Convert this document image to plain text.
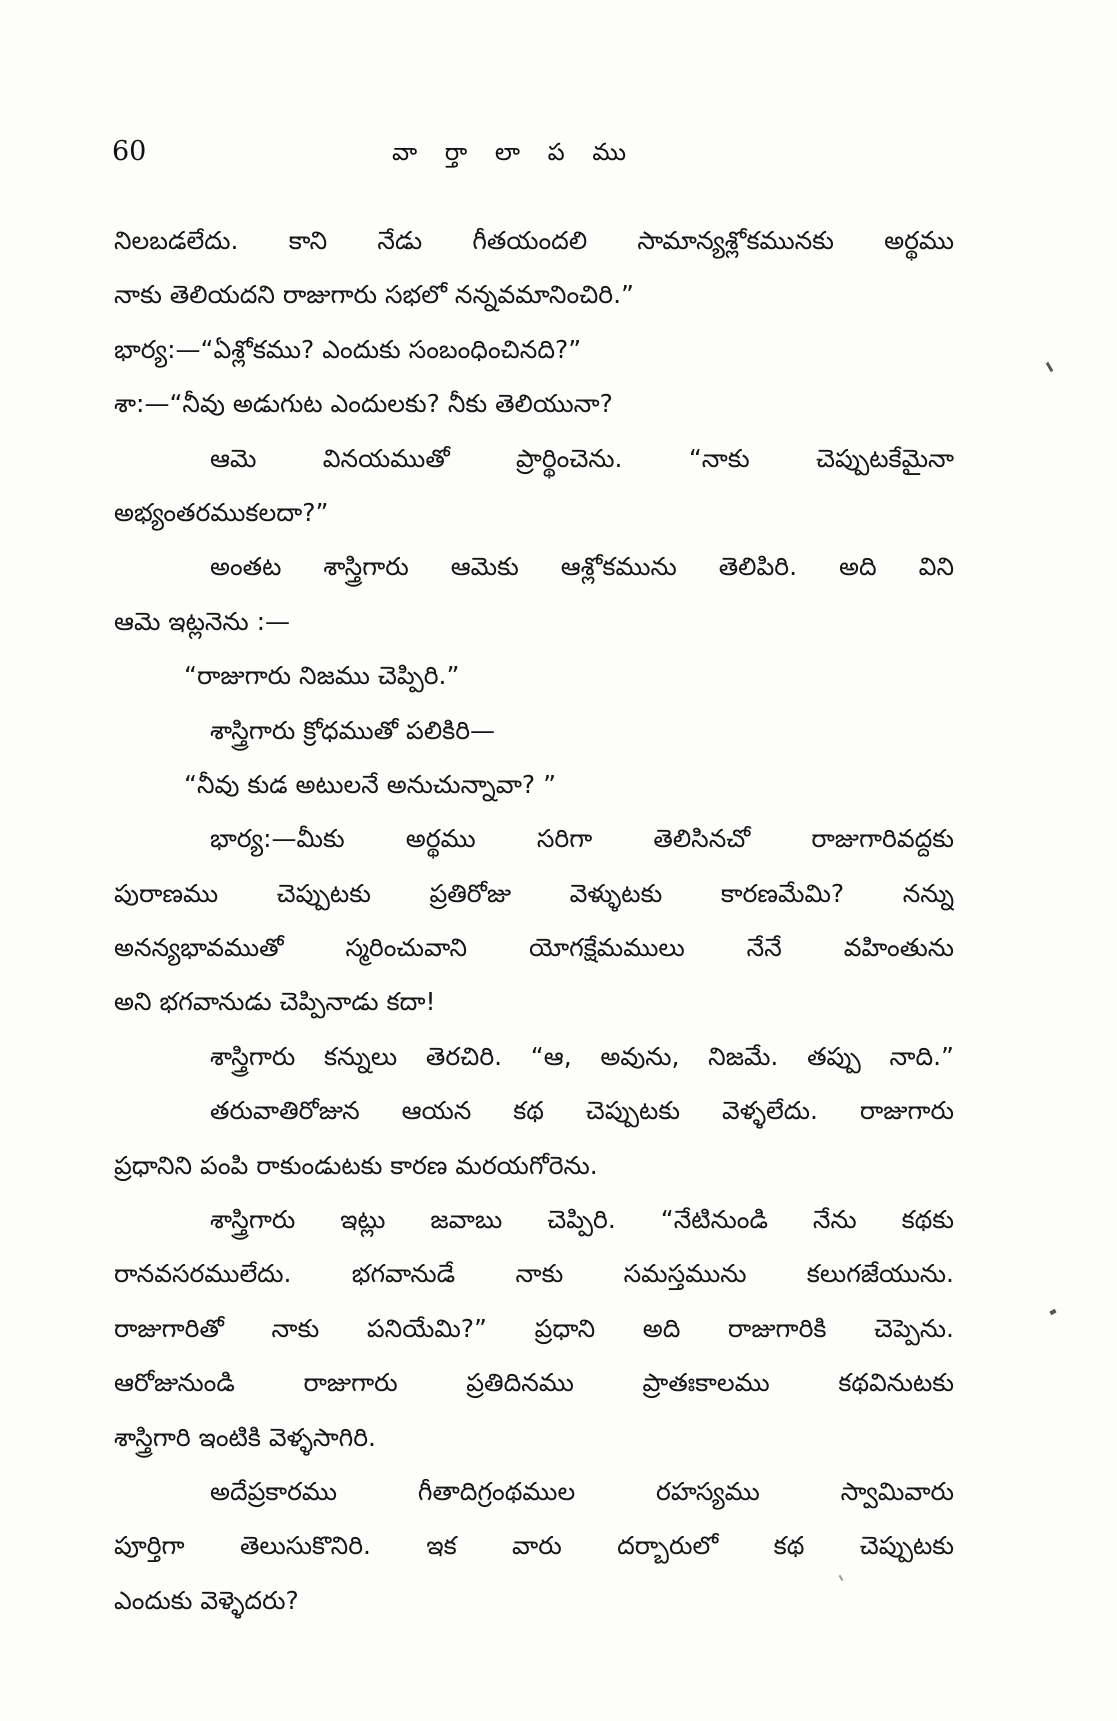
60	వా ర్తా లా ప ము
నిలబడలేదు. కాని నేడు గీతయందలి సామాన్యశ్లోకమునకు అర్థము
నాకు తెలియదని రాజుగారు సభలో నన్నవమానించిరి.”
భార్య:—“ఏశ్లోకము? ఎందుకు సంబంధించినది?”
శా:—“నీవు అడుగుట ఎందులకు? నీకు తెలియునా?
ఆమె వినయముతో ప్రార్థించెను. “నాకు చెప్పుటకేమైనా
అభ్యంతరముకలదా?”
అంతట శాస్త్రిగారు ఆమెకు ఆశ్లోకమును తెలిపిరి. అది విని
ఆమె ఇట్లనెను :—
“రాజుగారు నిజము చెప్పిరి.”
శాస్త్రిగారు క్రోధముతో పలికిరి—
“నీవు కుడ అటులనే అనుచున్నావా? ”
భార్య:—మీకు అర్థము సరిగా తెలిసినచో రాజుగారివద్దకు
పురాణము చెప్పుటకు ప్రతిరోజు వెళ్ళుటకు కారణమేమి? నన్ను
అనన్యభావముతో స్మరించువాని యోగక్షేమములు నేనే వహింతును
అని భగవానుడు చెప్పినాడు కదా!
శాస్త్రిగారు కన్నులు తెరచిరి. “ఆ, అవును, నిజమే. తప్పు నాది.”
తరువాతిరోజున ఆయన కథ చెప్పుటకు వెళ్ళలేదు. రాజుగారు
ప్రధానిని పంపి రాకుండుటకు కారణ మరయగోరెను.
శాస్త్రిగారు ఇట్లు జవాబు చెప్పిరి. “నేటినుండి నేను కథకు
రానవసరములేదు. భగవానుడే నాకు సమస్తమును కలుగజేయును.
రాజుగారితో నాకు పనియేమి?” ప్రధాని అది రాజుగారికి చెప్పెను.
ఆరోజునుండి రాజుగారు ప్రతిదినము ప్రాతఃకాలము కథవినుటకు
శాస్త్రిగారి ఇంటికి వెళ్ళసాగిరి.
అదేప్రకారము గీతాదిగ్రంథముల రహస్యము స్వామివారు
పూర్తిగా తెలుసుకొనిరి. ఇక వారు దర్బారులో కథ చెప్పుటకు
ఎందుకు వెళ్ళెదరు?
